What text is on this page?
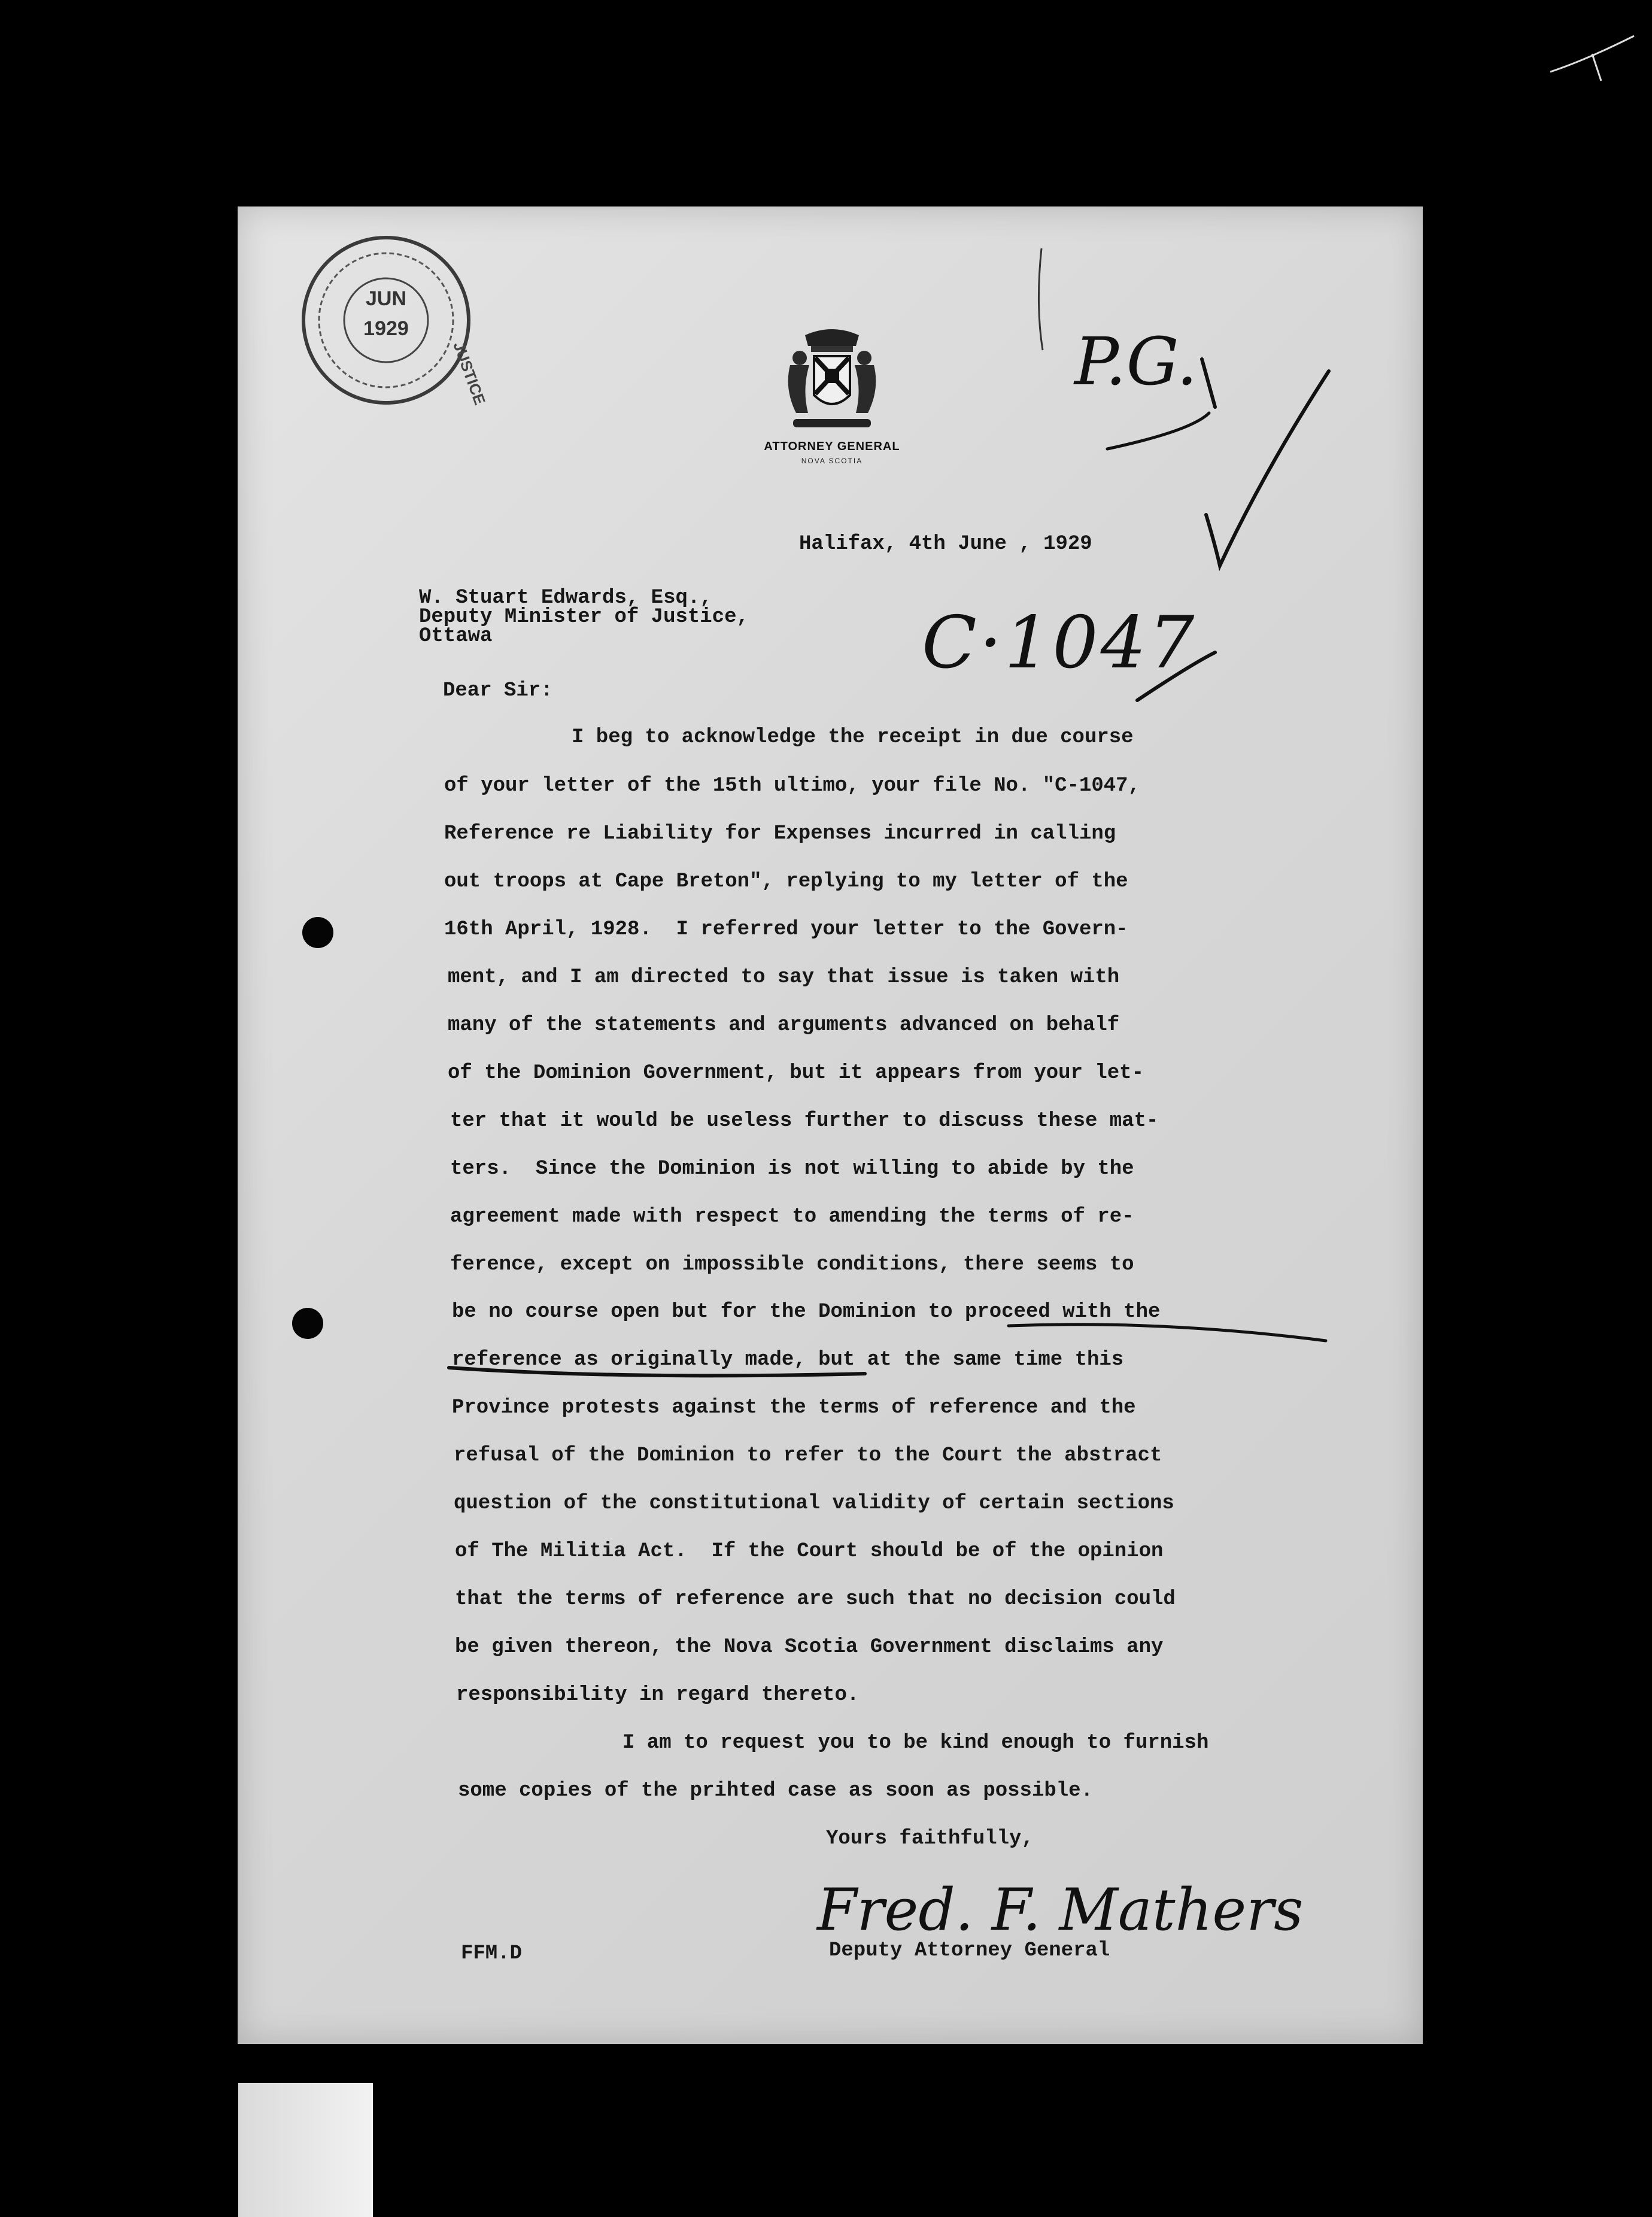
JUN
1929
JUSTICE
ATTORNEY GENERAL
NOVA SCOTIA
P.G.
C·1047
Halifax, 4th June , 1929
W. Stuart Edwards, Esq.,
Deputy Minister of Justice,
Ottawa
Dear Sir:
I beg to acknowledge the receipt in due course
of your letter of the 15th ultimo, your file No. "C-1047,
Reference re Liability for Expenses incurred in calling
out troops at Cape Breton", replying to my letter of the
16th April, 1928.  I referred your letter to the Govern-
ment, and I am directed to say that issue is taken with
many of the statements and arguments advanced on behalf
of the Dominion Government, but it appears from your let-
ter that it would be useless further to discuss these mat-
ters.  Since the Dominion is not willing to abide by the
agreement made with respect to amending the terms of re-
ference, except on impossible conditions, there seems to
be no course open but for the Dominion to proceed with the
reference as originally made, but at the same time this
Province protests against the terms of reference and the
refusal of the Dominion to refer to the Court the abstract
question of the constitutional validity of certain sections
of The Militia Act.  If the Court should be of the opinion
that the terms of reference are such that no decision could
be given thereon, the Nova Scotia Government disclaims any
responsibility in regard thereto.
I am to request you to be kind enough to furnish
some copies of the prihted case as soon as possible.
Yours faithfully,
Fred. F. Mathers
Deputy Attorney General
FFM.D
